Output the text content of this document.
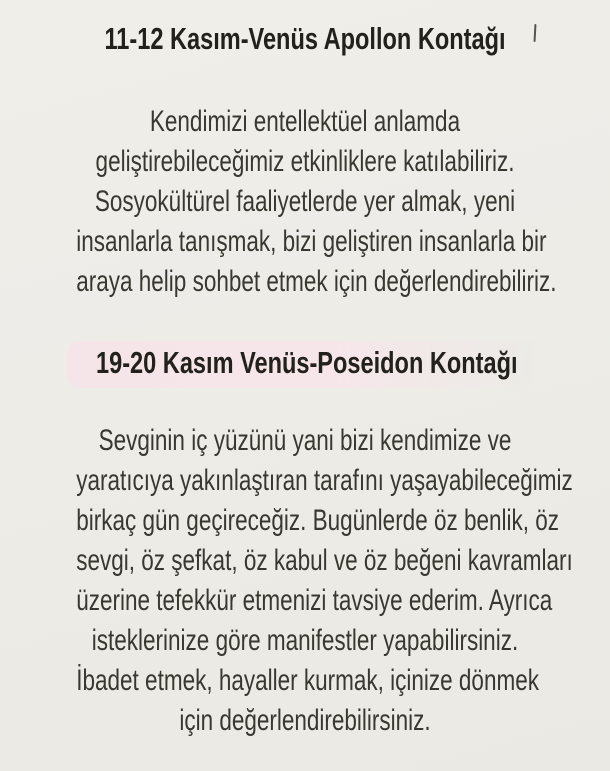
11-12 Kasım-Venüs Apollon Kontağı
Kendimizi entellektüel anlamda
geliştirebileceğimiz etkinliklere katılabiliriz.
Sosyokültürel faaliyetlerde yer almak, yeni
insanlarla tanışmak, bizi geliştiren insanlarla bir
araya helip sohbet etmek için değerlendirebiliriz.
19-20 Kasım Venüs-Poseidon Kontağı
Sevginin iç yüzünü yani bizi kendimize ve
yaratıcıya yakınlaştıran tarafını yaşayabileceğimiz
birkaç gün geçireceğiz. Bugünlerde öz benlik, öz
sevgi, öz şefkat, öz kabul ve öz beğeni kavramları
üzerine tefekkür etmenizi tavsiye ederim. Ayrıca
isteklerinize göre manifestler yapabilirsiniz.
İbadet etmek, hayaller kurmak, içinize dönmek
için değerlendirebilirsiniz.
